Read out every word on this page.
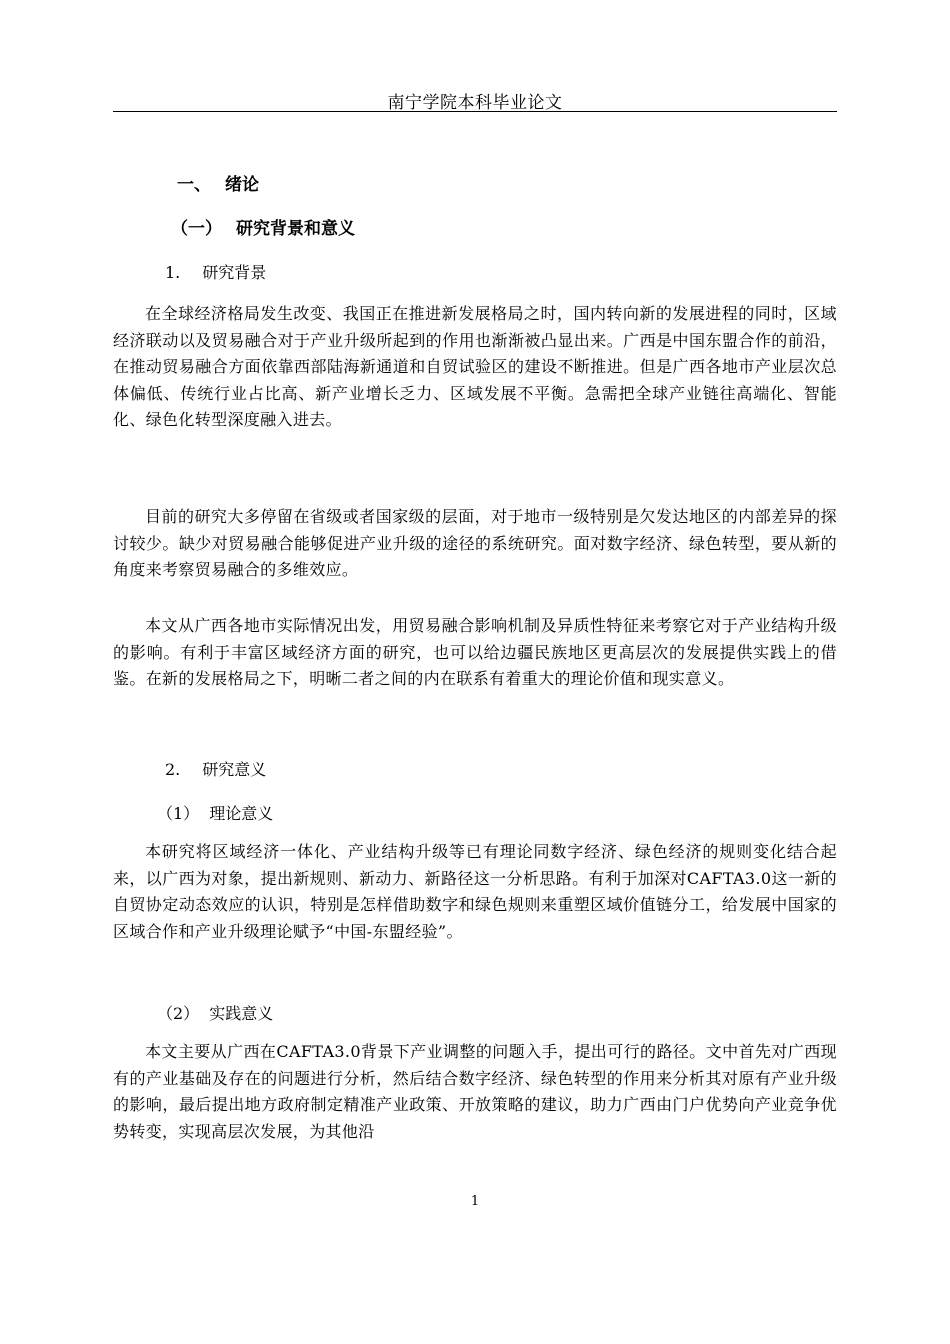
南宁学院本科毕业论文
一、 绪论
（一） 研究背景和意义
1. 研究背景

在全球经济格局发生改变、我国正在推进新发展格局之时，国内转向新的发展进程的同时，区域经济联动以及贸易融合对于产业升级所起到的作用也渐渐被凸显出来。广西是中国东盟合作的前沿，在推动贸易融合方面依靠西部陆海新通道和自贸试验区的建设不断推进。但是广西各地市产业层次总体偏低、传统行业占比高、新产业增长乏力、区域发展不平衡。急需把全球产业链往高端化、智能化、绿色化转型深度融入进去。

目前的研究大多停留在省级或者国家级的层面，对于地市一级特别是欠发达地区的内部差异的探讨较少。缺少对贸易融合能够促进产业升级的途径的系统研究。面对数字经济、绿色转型，要从新的角度来考察贸易融合的多维效应。

本文从广西各地市实际情况出发，用贸易融合影响机制及异质性特征来考察它对于产业结构升级的影响。有利于丰富区域经济方面的研究，也可以给边疆民族地区更高层次的发展提供实践上的借鉴。在新的发展格局之下，明晰二者之间的内在联系有着重大的理论价值和现实意义。

2. 研究意义
（1） 理论意义

本研究将区域经济一体化、产业结构升级等已有理论同数字经济、绿色经济的规则变化结合起来，以广西为对象，提出新规则、新动力、新路径这一分析思路。有利于加深对CAFTA3.0这一新的自贸协定动态效应的认识，特别是怎样借助数字和绿色规则来重塑区域价值链分工，给发展中国家的区域合作和产业升级理论赋予“中国-东盟经验”。

（2） 实践意义

本文主要从广西在CAFTA3.0背景下产业调整的问题入手，提出可行的路径。文中首先对广西现有的产业基础及存在的问题进行分析，然后结合数字经济、绿色转型的作用来分析其对原有产业升级的影响，最后提出地方政府制定精准产业政策、开放策略的建议，助力广西由门户优势向产业竞争优势转变，实现高层次发展，为其他沿

1
